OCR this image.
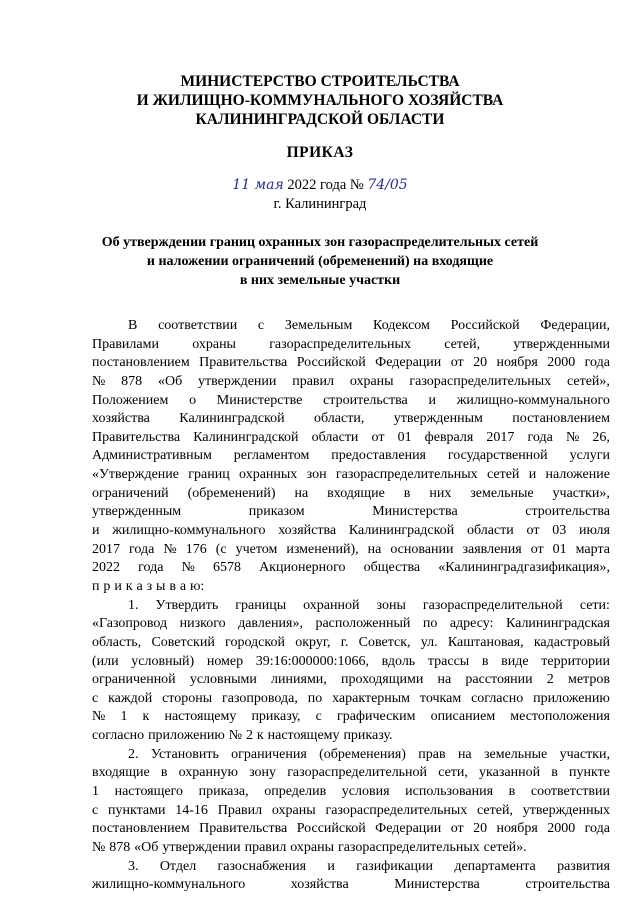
МИНИСТЕРСТВО СТРОИТЕЛЬСТВА
И ЖИЛИЩНО-КОММУНАЛЬНОГО ХОЗЯЙСТВА
КАЛИНИНГРАДСКОЙ ОБЛАСТИ
ПРИКАЗ
11 мая 2022 года № 74/05
г. Калининград
Об утверждении границ охранных зон газораспределительных сетей
и наложении ограничений (обременений) на входящие
в них земельные участки
В соответствии с Земельным Кодексом Российской Федерации,
Правилами охраны газораспределительных сетей, утвержденными
постановлением Правительства Российской Федерации от 20 ноября 2000 года
№ 878 «Об утверждении правил охраны газораспределительных сетей»,
Положением о Министерстве строительства и жилищно-коммунального
хозяйства Калининградской области, утвержденным постановлением
Правительства Калининградской области от 01 февраля 2017 года № 26,
Административным регламентом предоставления государственной услуги
«Утверждение границ охранных зон газораспределительных сетей и наложение
ограничений (обременений) на входящие в них земельные участки»,
утвержденным	приказом	Министерства	строительства
и жилищно-коммунального хозяйства Калининградской области от 03 июля
2017 года № 176 (с учетом изменений), на основании заявления от 01 марта
2022 года № 6578 Акционерного общества «Калининградгазификация»,
п р и к а з ы в а ю:
1. Утвердить границы охранной зоны газораспределительной сети:
«Газопровод низкого давления», расположенный по адресу: Калининградская
область, Советский городской округ, г. Советск, ул. Каштановая, кадастровый
(или условный) номер 39:16:000000:1066, вдоль трассы в виде территории
ограниченной условными линиями, проходящими на расстоянии 2 метров
с каждой стороны газопровода, по характерным точкам согласно приложению
№ 1 к настоящему приказу, с графическим описанием местоположения
согласно приложению № 2 к настоящему приказу.
2. Установить ограничения (обременения) прав на земельные участки,
входящие в охранную зону газораспределительной сети, указанной в пункте
1 настоящего приказа, определив условия использования в соответствии
с пунктами 14-16 Правил охраны газораспределительных сетей, утвержденных
постановлением Правительства Российской Федерации от 20 ноября 2000 года
№ 878 «Об утверждении правил охраны газораспределительных сетей».
3. Отдел газоснабжения и газификации департамента развития
жилищно-коммунального	хозяйства	Министерства	строительства
